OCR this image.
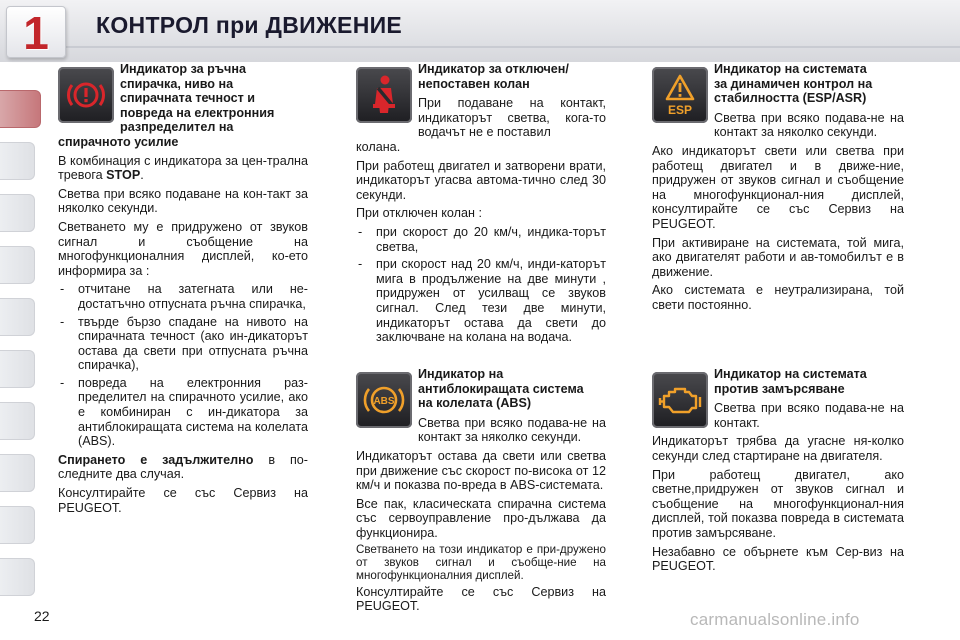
1	КОНТРОЛ при ДВИЖЕНИЕ
Индикатор за ръчна
спирачка, ниво на
спирачната течност и
повреда на електронния
разпределител на
спирачното усилие

В комбинация с индикатора за цен-трална тревога STOP.

Светва при всяко подаване на кон-такт за няколко секунди.

Светването му е придружено от звуков сигнал и съобщение на многофункционалния дисплей, ко-ето информира за :

- отчитане на затегната или не-достатъчно отпусната ръчна спирачка,
- твърде бързо спадане на нивото на спирачната течност (ако ин-дикаторът остава да свети при отпусната ръчна спирачка),
- повреда на електронния раз-пределител на спирачното усилие, ако е комбиниран с ин-дикатора за антиблокиращата система на колелата (ABS).

Спирането е задължително в по-следните два случая.

Консултирайте се със Сервиз на PEUGEOT.

Индикатор за отключен/
непоставен колан

При подаване на контакт, индикаторът светва, кога-то водачът не е поставил

колана.

При работещ двигател и затворени врати, индикаторът угасва автома-тично след 30 секунди.

При отключен колан :

- при скорост до 20 км/ч, индика-торът светва,
- при скорост над 20 км/ч, инди-каторът мига в продължение на две минути , придружен от усилващ се звуков сигнал. След тези две минути, индикаторът остава да свети до заключване на колана на водача.
ABS
Индикатор на
антиблокиращата система
на колелата (ABS)

Светва при всяко подава-не на контакт за няколко секунди.

Индикаторът остава да свети или светва при движение със скорост по-висока от 12 км/ч и показва по-вреда в ABS-системата.

Все пак, класическата спирачна система със сервоуправление про-дължава да функционира.

Светването на този индикатор е при-дружено от звуков сигнал и съобще-ние на многофункционалния дисплей.

Консултирайте се със Сервиз на PEUGEOT.

ESP
Индикатор на системата
за динамичен контрол на
стабилността (ESP/ASR)

Светва при всяко подава-не на контакт за няколко секунди.

Ако индикаторът свети или светва при работещ двигател и в движе-ние, придружен от звуков сигнал и съобщение на многофункционал-ния дисплей, консултирайте се със Сервиз на PEUGEOT.

При активиране на системата, той мига, ако двигателят работи и ав-томобилът е в движение.

Ако системата е неутрализирана, той свети постоянно.

Индикатор на системата
против замърсяване

Светва при всяко подава-не на контакт.

Индикаторът трябва да угасне ня-колко секунди след стартиране на двигателя.

При работещ двигател, ако светне,придружен от звуков сигнал и съобщение на многофункционал-ния дисплей, той показва повреда в системата против замърсяване.

Незабавно се обърнете към Сер-виз на PEUGEOT.

22	carmanualsonline.info
